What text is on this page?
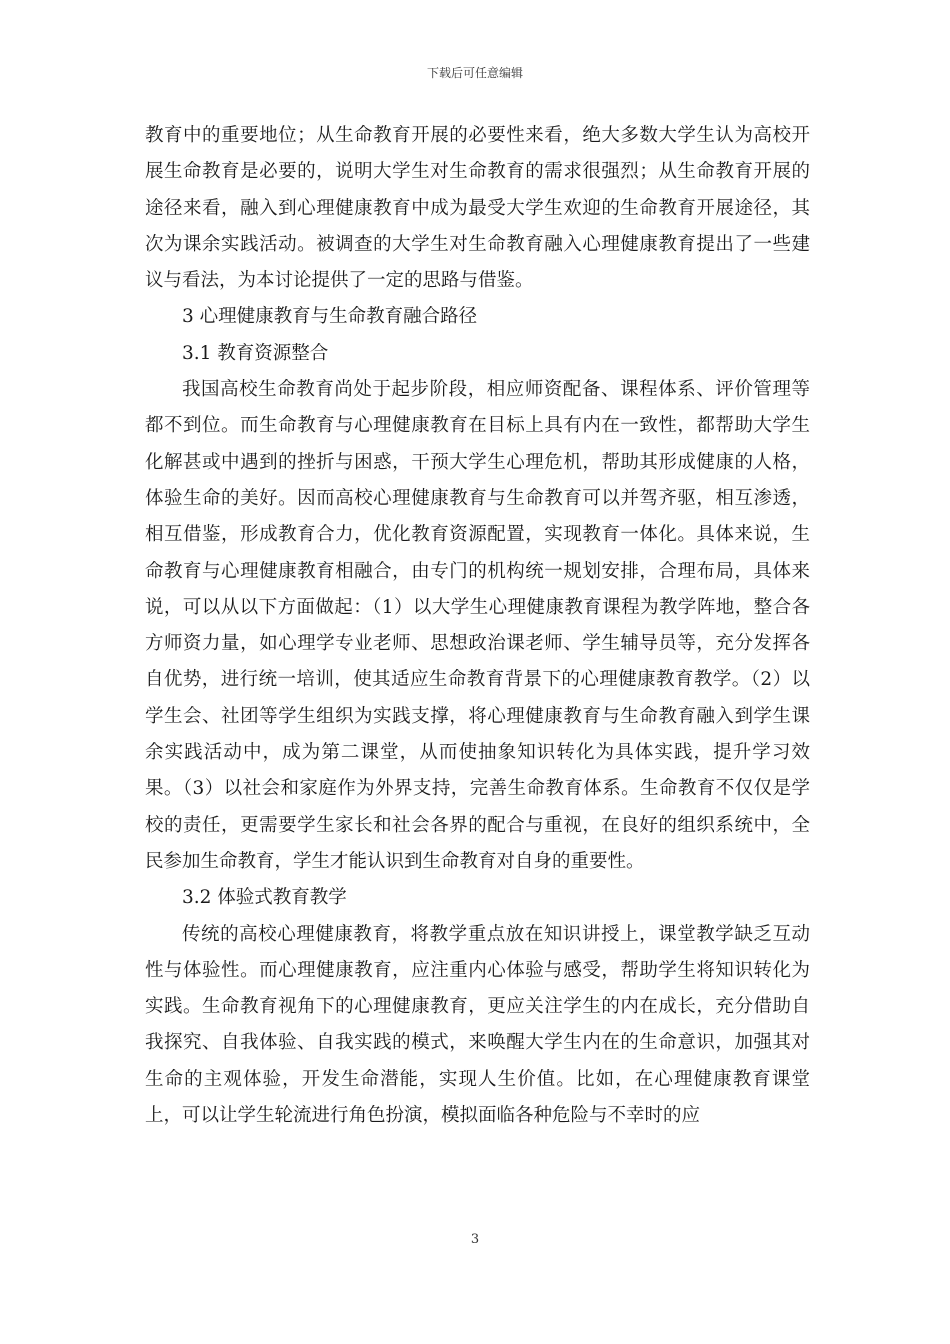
下载后可任意编辑

教育中的重要地位；从生命教育开展的必要性来看，绝大多数大学生认为高校开展生命教育是必要的，说明大学生对生命教育的需求很强烈；从生命教育开展的途径来看，融入到心理健康教育中成为最受大学生欢迎的生命教育开展途径，其次为课余实践活动。被调查的大学生对生命教育融入心理健康教育提出了一些建议与看法，为本讨论提供了一定的思路与借鉴。

3 心理健康教育与生命教育融合路径

3.1 教育资源整合

我国高校生命教育尚处于起步阶段，相应师资配备、课程体系、评价管理等都不到位。而生命教育与心理健康教育在目标上具有内在一致性，都帮助大学生化解甚或中遇到的挫折与困惑，干预大学生心理危机，帮助其形成健康的人格，体验生命的美好。因而高校心理健康教育与生命教育可以并驾齐驱，相互渗透，相互借鉴，形成教育合力，优化教育资源配置，实现教育一体化。具体来说，生命教育与心理健康教育相融合，由专门的机构统一规划安排，合理布局，具体来说，可以从以下方面做起：（1）以大学生心理健康教育课程为教学阵地，整合各方师资力量，如心理学专业老师、思想政治课老师、学生辅导员等，充分发挥各自优势，进行统一培训，使其适应生命教育背景下的心理健康教育教学。（2）以学生会、社团等学生组织为实践支撑，将心理健康教育与生命教育融入到学生课余实践活动中，成为第二课堂，从而使抽象知识转化为具体实践，提升学习效果。（3）以社会和家庭作为外界支持，完善生命教育体系。生命教育不仅仅是学校的责任，更需要学生家长和社会各界的配合与重视，在良好的组织系统中，全民参加生命教育，学生才能认识到生命教育对自身的重要性。

3.2 体验式教育教学

传统的高校心理健康教育，将教学重点放在知识讲授上，课堂教学缺乏互动性与体验性。而心理健康教育，应注重内心体验与感受，帮助学生将知识转化为实践。生命教育视角下的心理健康教育，更应关注学生的内在成长，充分借助自我探究、自我体验、自我实践的模式，来唤醒大学生内在的生命意识，加强其对生命的主观体验，开发生命潜能，实现人生价值。比如，在心理健康教育课堂上，可以让学生轮流进行角色扮演，模拟面临各种危险与不幸时的应

3
